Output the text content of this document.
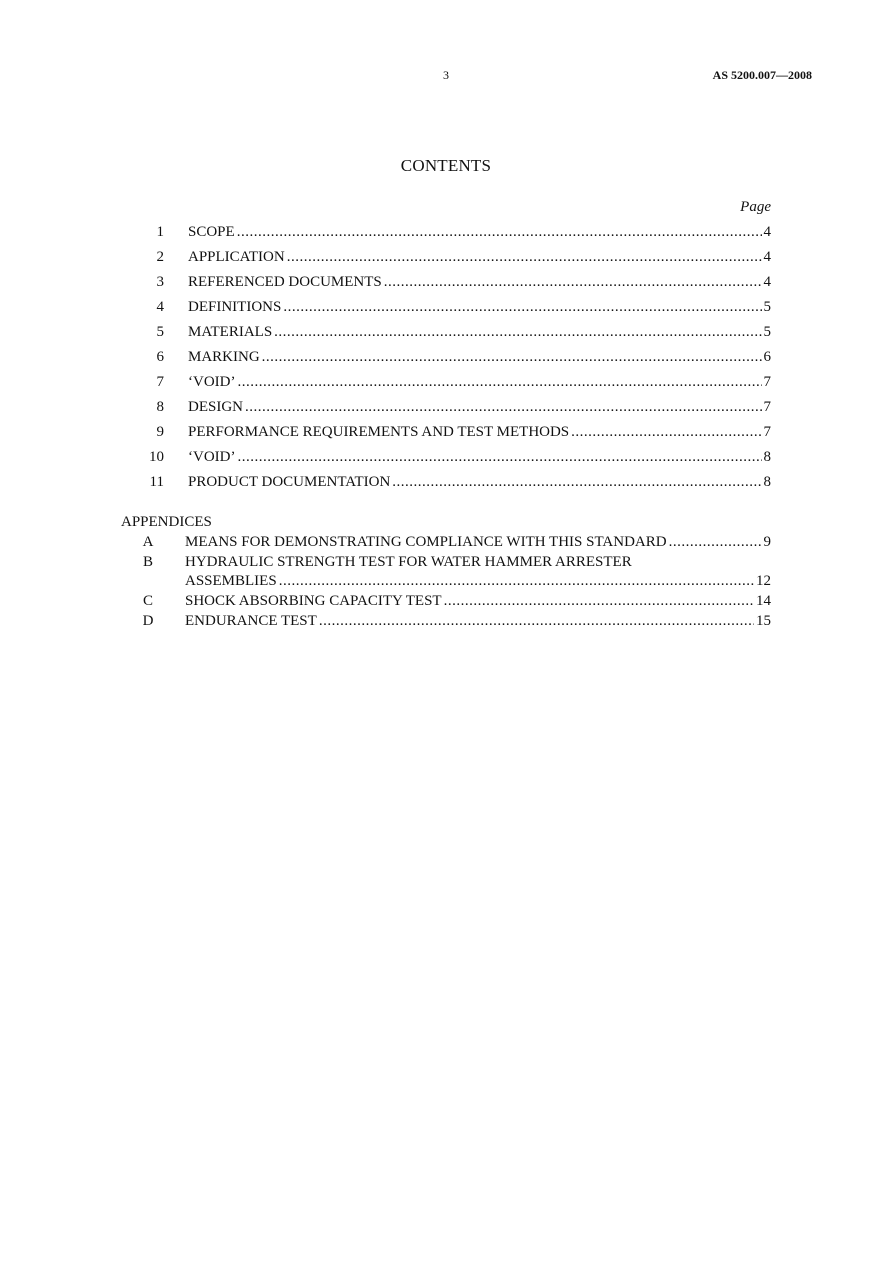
3	AS 5200.007—2008
CONTENTS
Page
1 SCOPE .....	4
2 APPLICATION .....	4
3 REFERENCED DOCUMENTS .....	4
4 DEFINITIONS .....	5
5 MATERIALS .....	5
6 MARKING .....	6
7 ‘VOID’ .....	7
8 DESIGN .....	7
9 PERFORMANCE REQUIREMENTS AND TEST METHODS .....	7
10 ‘VOID’ .....	8
11 PRODUCT DOCUMENTATION .....	8
APPENDICES
A MEANS FOR DEMONSTRATING COMPLIANCE WITH THIS STANDARD .....	9
B HYDRAULIC STRENGTH TEST FOR WATER HAMMER ARRESTER
ASSEMBLIES .....	12
C SHOCK ABSORBING CAPACITY TEST .....	14
D ENDURANCE TEST .....	15
